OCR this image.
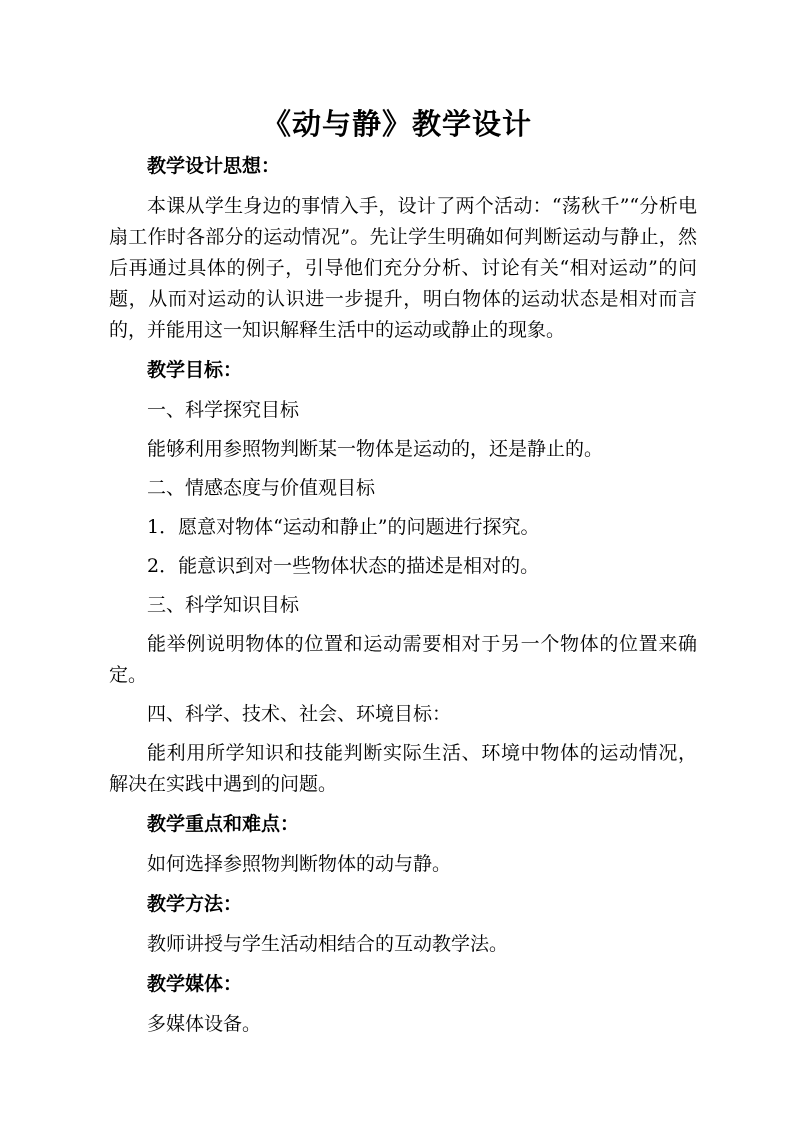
《动与静》教学设计

教学设计思想：

本课从学生身边的事情入手，设计了两个活动：“荡秋千”“分析电扇工作时各部分的运动情况”。先让学生明确如何判断运动与静止，然后再通过具体的例子，引导他们充分分析、讨论有关“相对运动”的问题，从而对运动的认识进一步提升，明白物体的运动状态是相对而言的，并能用这一知识解释生活中的运动或静止的现象。

教学目标：

一、科学探究目标

能够利用参照物判断某一物体是运动的，还是静止的。

二、情感态度与价值观目标

1．愿意对物体“运动和静止”的问题进行探究。

2．能意识到对一些物体状态的描述是相对的。

三、科学知识目标

能举例说明物体的位置和运动需要相对于另一个物体的位置来确定。

四、科学、技术、社会、环境目标：

能利用所学知识和技能判断实际生活、环境中物体的运动情况，解决在实践中遇到的问题。

教学重点和难点：

如何选择参照物判断物体的动与静。

教学方法：

教师讲授与学生活动相结合的互动教学法。

教学媒体：

多媒体设备。
